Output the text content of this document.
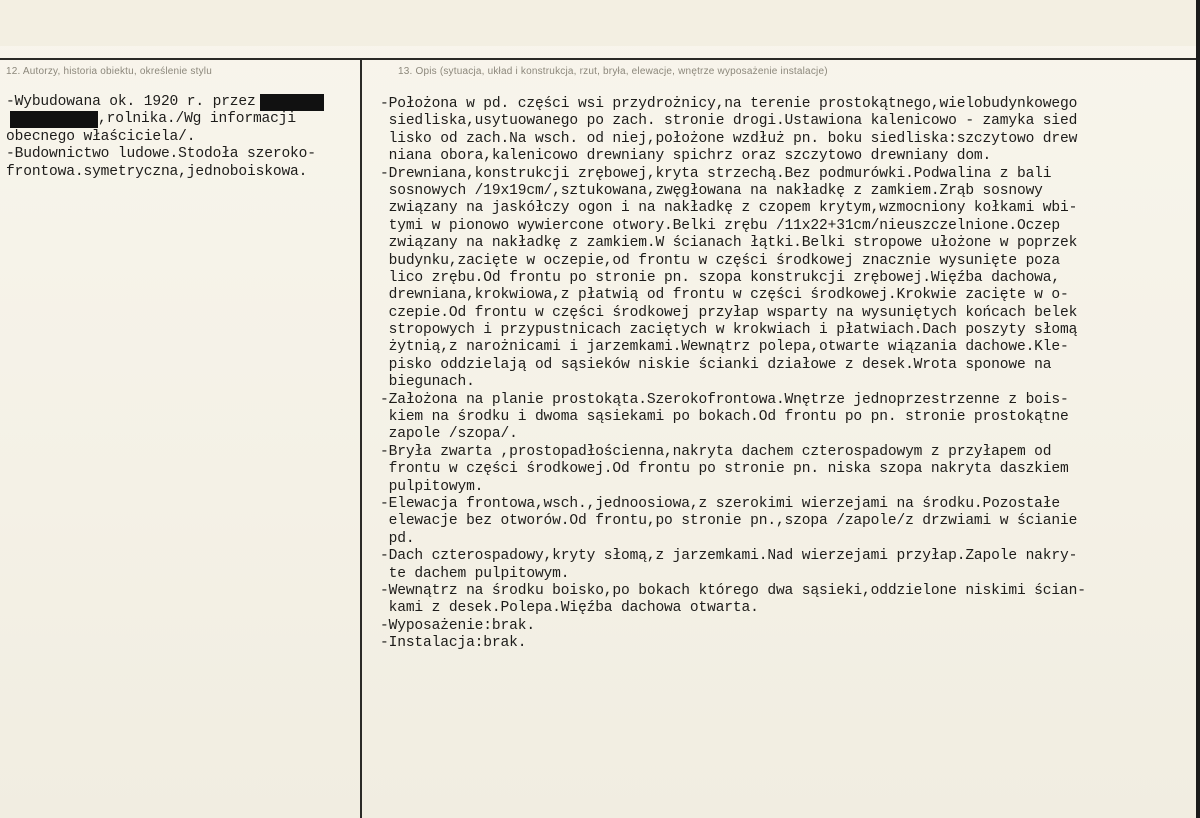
12. Autorzy, historia obiektu, określenie stylu	13. Opis (sytuacja, układ i konstrukcja, rzut, bryła, elewacje, wnętrze wyposażenie instalacje)
-Wybudowana ok. 1920 r. przez
,rolnika./Wg informacji
obecnego właściciela/.
-Budownictwo ludowe.Stodoła szeroko-
frontowa.symetryczna,jednoboiskowa.
-Położona w pd. części wsi przydrożnicy,na terenie prostokątnego,wielobudynkowego
siedliska,usytuowanego po zach. stronie drogi.Ustawiona kalenicowo - zamyka sied
lisko od zach.Na wsch. od niej,położone wzdłuż pn. boku siedliska:szczytowo drew
niana obora,kalenicowo drewniany spichrz oraz szczytowo drewniany dom.
-Drewniana,konstrukcji zrębowej,kryta strzechą.Bez podmurówki.Podwalina z bali
sosnowych /19x19cm/,sztukowana,zwęgłowana na nakładkę z zamkiem.Zrąb sosnowy
związany na jaskółczy ogon i na nakładkę z czopem krytym,wzmocniony kołkami wbi-
tymi w pionowo wywiercone otwory.Belki zrębu /11x22+31cm/nieuszczelnione.Oczep
związany na nakładkę z zamkiem.W ścianach łątki.Belki stropowe ułożone w poprzek
budynku,zacięte w oczepie,od frontu w części środkowej znacznie wysunięte poza
lico zrębu.Od frontu po stronie pn. szopa konstrukcji zrębowej.Więźba dachowa,
drewniana,krokwiowa,z płatwią od frontu w części środkowej.Krokwie zacięte w o-
czepie.Od frontu w części środkowej przyłap wsparty na wysuniętych końcach belek
stropowych i przypustnicach zaciętych w krokwiach i płatwiach.Dach poszyty słomą
żytnią,z narożnicami i jarzemkami.Wewnątrz polepa,otwarte wiązania dachowe.Kle-
pisko oddzielają od sąsieków niskie ścianki działowe z desek.Wrota sponowe na
biegunach.
-Założona na planie prostokąta.Szerokofrontowa.Wnętrze jednoprzestrzenne z bois-
kiem na środku i dwoma sąsiekami po bokach.Od frontu po pn. stronie prostokątne
zapole /szopa/.
-Bryła zwarta ,prostopadłościenna,nakryta dachem czterospadowym z przyłapem od
frontu w części środkowej.Od frontu po stronie pn. niska szopa nakryta daszkiem
pulpitowym.
-Elewacja frontowa,wsch.,jednoosiowa,z szerokimi wierzejami na środku.Pozostałe
elewacje bez otworów.Od frontu,po stronie pn.,szopa /zapole/z drzwiami w ścianie
pd.
-Dach czterospadowy,kryty słomą,z jarzemkami.Nad wierzejami przyłap.Zapole nakry-
te dachem pulpitowym.
-Wewnątrz na środku boisko,po bokach którego dwa sąsieki,oddzielone niskimi ścian-
kami z desek.Polepa.Więźba dachowa otwarta.
-Wyposażenie:brak.
-Instalacja:brak.
